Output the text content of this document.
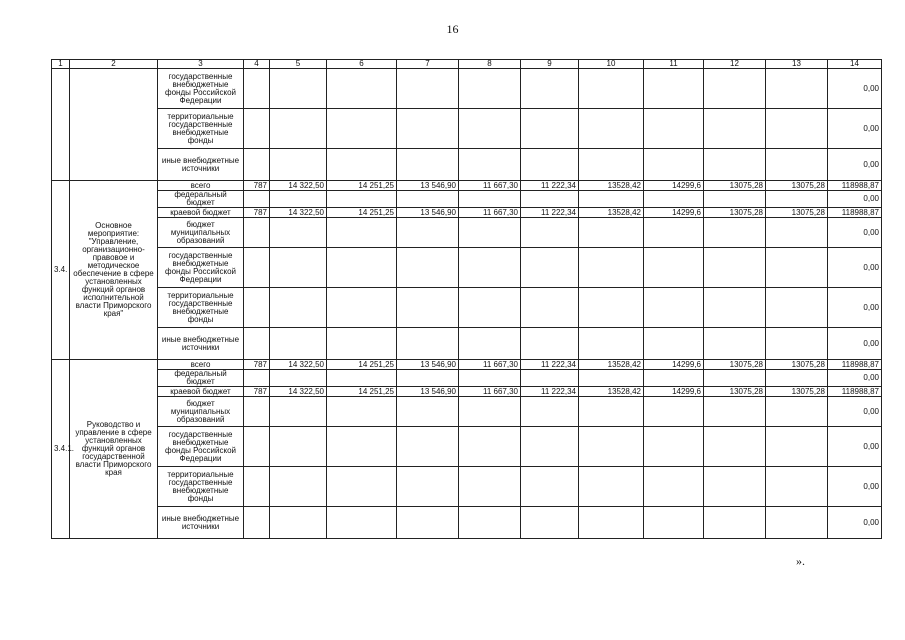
16
1	2	3	4	5	6	7	8	9	10	11	12	13	14
		государственные внебюджетные фонды Российской Федерации											0,00
		территориальные государственные внебюджетные фонды											0,00
		иные внебюджетные источники											0,00
3.4.	Основное мероприятие: "Управление, организационно-правовое и методическое обеспечение в сфере установленных функций органов исполнительной власти Приморского края"	всего	787	14 322,50	14 251,25	13 546,90	11 667,30	11 222,34	13528,42	14299,6	13075,28	13075,28	118988,87
		федеральный бюджет											0,00
		краевой бюджет	787	14 322,50	14 251,25	13 546,90	11 667,30	11 222,34	13528,42	14299,6	13075,28	13075,28	118988,87
		бюджет муниципальных образований											0,00
		государственные внебюджетные фонды Российской Федерации											0,00
		территориальные государственные внебюджетные фонды											0,00
		иные внебюджетные источники											0,00
3.4.1.	Руководство и управление в сфере установленных функций органов государственной власти Приморского края	всего	787	14 322,50	14 251,25	13 546,90	11 667,30	11 222,34	13528,42	14299,6	13075,28	13075,28	118988,87
		федеральный бюджет											0,00
		краевой бюджет	787	14 322,50	14 251,25	13 546,90	11 667,30	11 222,34	13528,42	14299,6	13075,28	13075,28	118988,87
		бюджет муниципальных образований											0,00
		государственные внебюджетные фонды Российской Федерации											0,00
		территориальные государственные внебюджетные фонды											0,00
		иные внебюджетные источники											0,00
».
